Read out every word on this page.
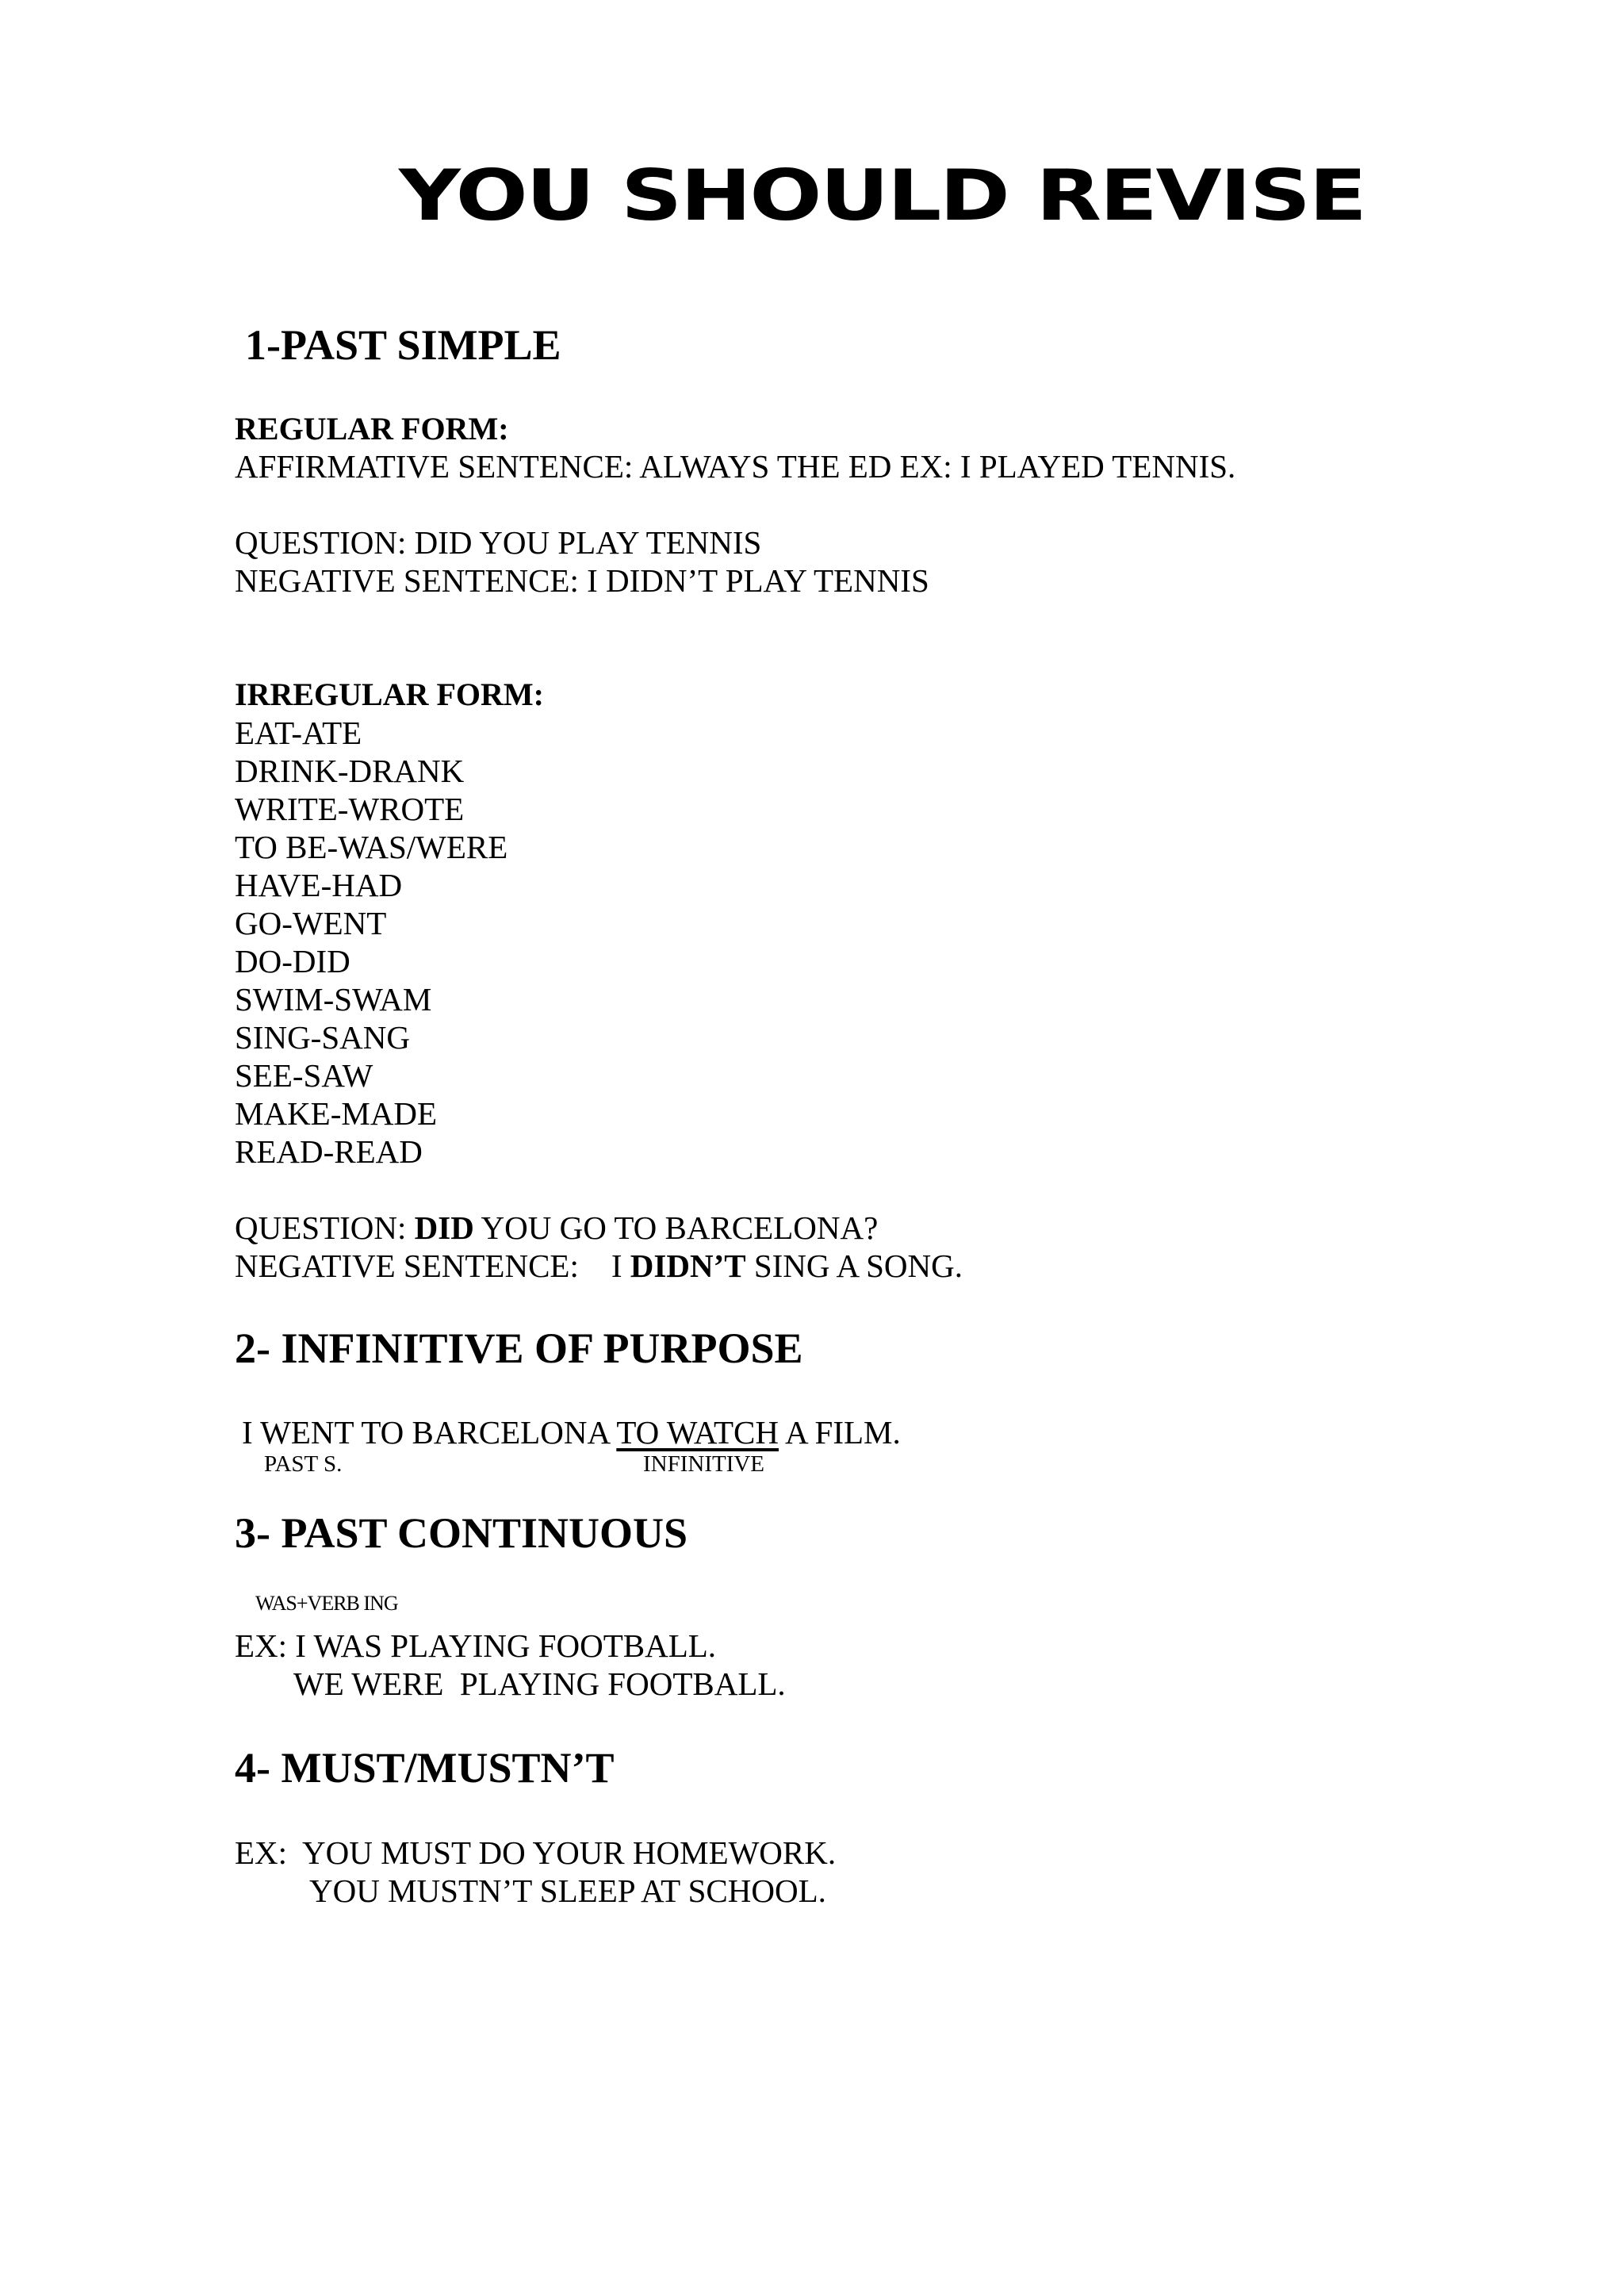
YOU SHOULD REVISE
1-PAST SIMPLE
REGULAR FORM:
AFFIRMATIVE SENTENCE: ALWAYS THE ED EX: I PLAYED TENNIS.
QUESTION: DID YOU PLAY TENNIS
NEGATIVE SENTENCE: I DIDN’T PLAY TENNIS
IRREGULAR FORM:
EAT-ATE
DRINK-DRANK
WRITE-WROTE
TO BE-WAS/WERE
HAVE-HAD
GO-WENT
DO-DID
SWIM-SWAM
SING-SANG
SEE-SAW
MAKE-MADE
READ-READ
QUESTION: DID YOU GO TO BARCELONA?
NEGATIVE SENTENCE:    I DIDN’T SING A SONG.
2- INFINITIVE OF PURPOSE
I WENT TO BARCELONA TO WATCH A FILM.
PAST S.	INFINITIVE
3- PAST CONTINUOUS
WAS+VERB ING
EX: I WAS PLAYING FOOTBALL.
WE WERE  PLAYING FOOTBALL.
4- MUST/MUSTN’T
EX:  YOU MUST DO YOUR HOMEWORK.
YOU MUSTN’T SLEEP AT SCHOOL.
